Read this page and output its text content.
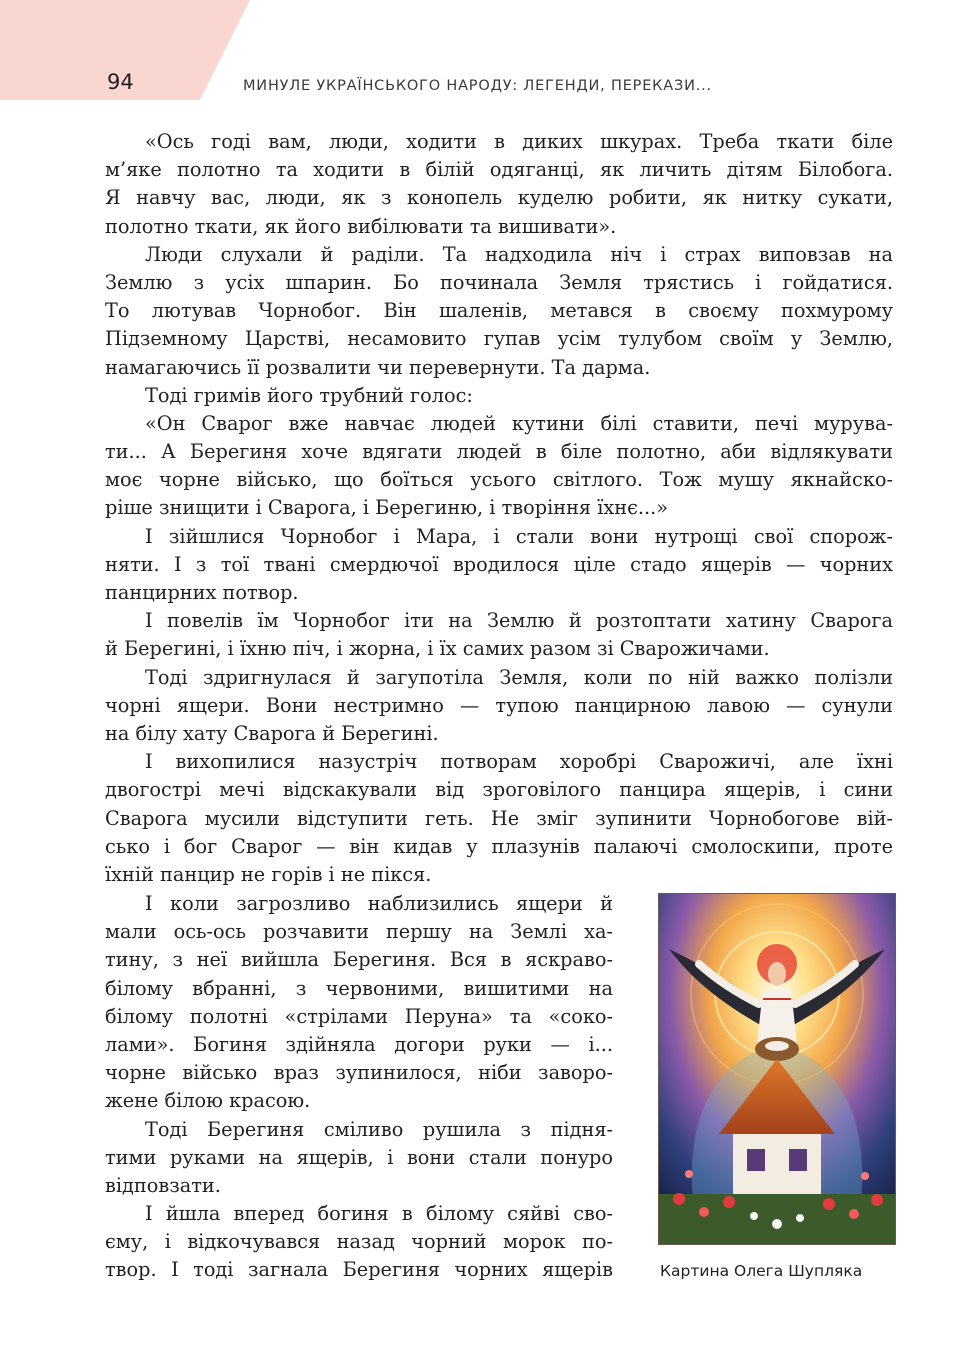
94	МИНУЛЕ УКРАЇНСЬКОГО НАРОДУ: ЛЕГЕНДИ, ПЕРЕКАЗИ...
«Ось годі вам, люди, ходити в диких шкурах. Треба ткати біле
м’яке полотно та ходити в білій одяганці, як личить дітям Білобога.
Я навчу вас, люди, як з конопель куделю робити, як нитку сукати,
полотно ткати, як його вибілювати та вишивати».
Люди слухали й раділи. Та надходила ніч і страх виповзав на
Землю з усіх шпарин. Бо починала Земля трястись і гойдатися.
То лютував Чорнобог. Він шаленів, метався в своєму похмурому
Підземному Царстві, несамовито гупав усім тулубом своїм у Землю,
намагаючись її розвалити чи перевернути. Та дарма.
Тоді гримів його трубний голос:
«Он Сварог вже навчає людей кутини білі ставити, печі мурува-
ти... А Берегиня хоче вдягати людей в біле полотно, аби відлякувати
моє чорне військо, що боїться усього світлого. Тож мушу якнайско-
ріше знищити і Сварога, і Берегиню, і творіння їхнє...»
І зійшлися Чорнобог і Мара, і стали вони нутрощі свої спорож-
няти. І з тої твані смердючої вродилося ціле стадо ящерів — чорних
панцирних потвор.
І повелів їм Чорнобог іти на Землю й розтоптати хатину Сварога
й Берегині, і їхню піч, і жорна, і їх самих разом зі Сварожичами.
Тоді здригнулася й загупотіла Земля, коли по ній важко полізли
чорні ящери. Вони нестримно — тупою панцирною лавою — сунули
на білу хату Сварога й Берегині.
І вихопилися назустріч потворам хоробрі Сварожичі, але їхні
двогострі мечі відскакували від зроговілого панцира ящерів, і сини
Сварога мусили відступити геть. Не зміг зупинити Чорнобогове вій-
сько і бог Сварог — він кидав у плазунів палаючі смолоскипи, проте
їхній панцир не горів і не пікся.
І коли загрозливо наблизились ящери й
мали ось-ось розчавити першу на Землі ха-
тину, з неї вийшла Берегиня. Вся в яскраво-
білому вбранні, з червоними, вишитими на
білому полотні «стрілами Перуна» та «соко-
лами». Богиня здійняла догори руки — і...
чорне військо враз зупинилося, ніби заворо-
жене білою красою.
Тоді Берегиня сміливо рушила з підня-
тими руками на ящерів, і вони стали понуро
відповзати.
І йшла вперед богиня в білому сяйві сво-
єму, і відкочувався назад чорний морок по-
твор. І тоді загнала Берегиня чорних ящерів	Картина Олега Шупляка
